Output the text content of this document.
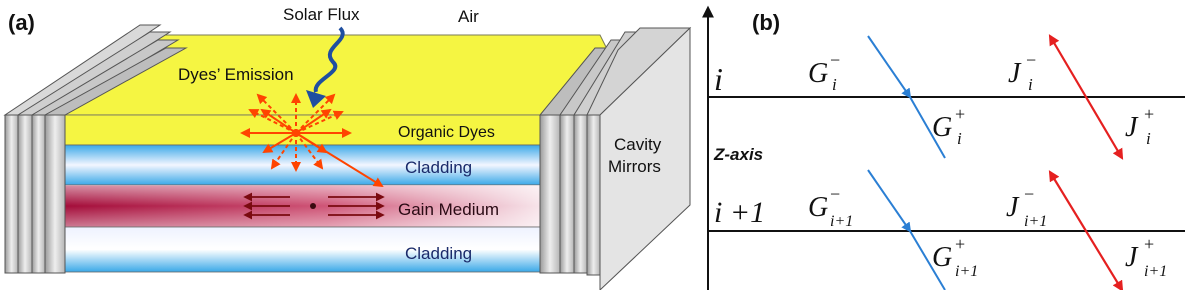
(a)
Organic Dyes
Cladding
Gain Medium
Cladding
Cavity
Mirrors
Air
Solar Flux
Dyes’ Emission
(b)
Z-axis
i
i +1
G −
i
G +
i
G −
i+1
G +
i+1
J −
i
J +
i
J −
i+1
J +
i+1
